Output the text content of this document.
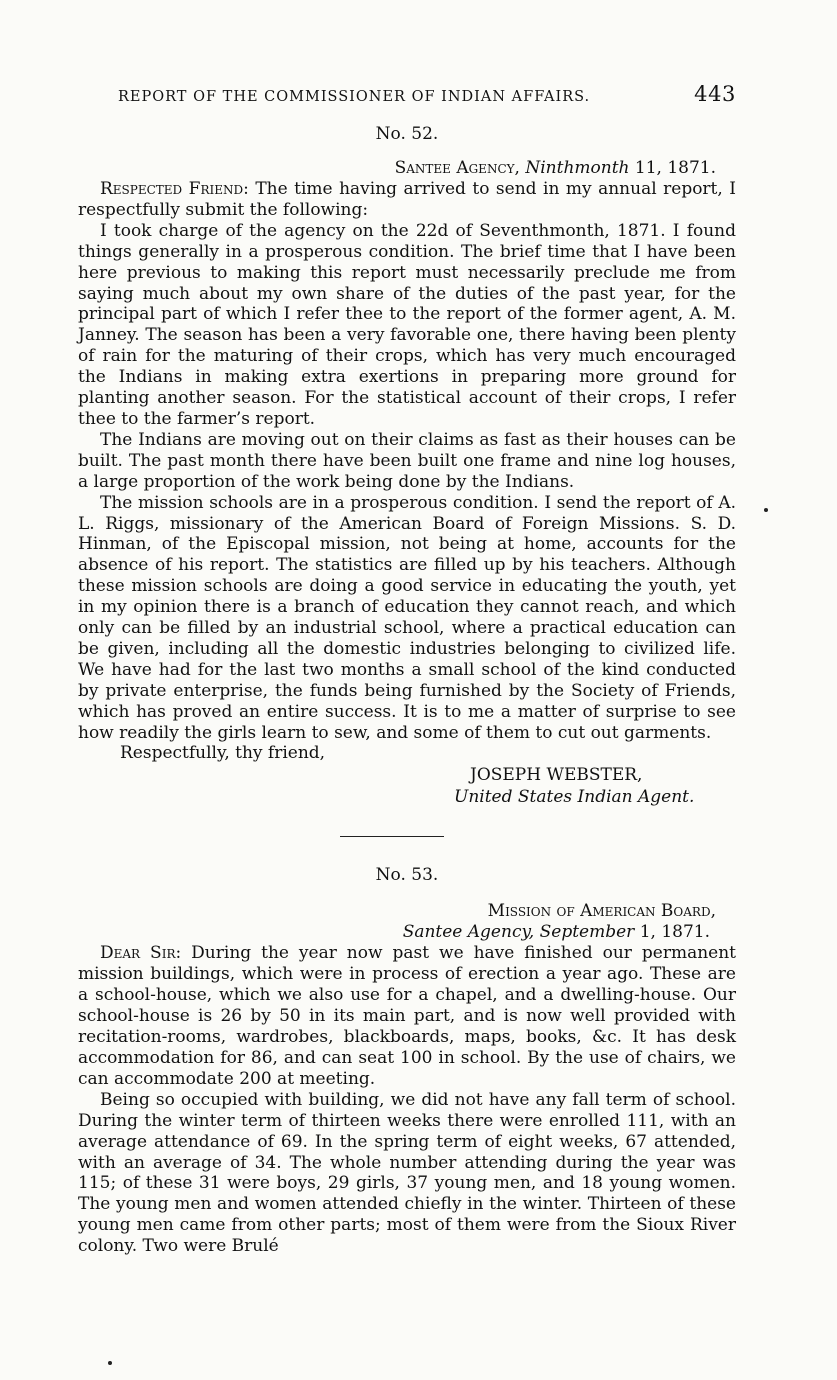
REPORT OF THE COMMISSIONER OF INDIAN AFFAIRS.	443
No. 52.
Santee Agency, Ninthmonth 11, 1871.

Respected Friend: The time having arrived to send in my annual report, I respectfully submit the following:

I took charge of the agency on the 22d of Seventhmonth, 1871. I found things generally in a prosperous condition. The brief time that I have been here previous to making this report must necessarily preclude me from saying much about my own share of the duties of the past year, for the principal part of which I refer thee to the report of the former agent, A. M. Janney. The season has been a very favorable one, there having been plenty of rain for the maturing of their crops, which has very much encouraged the Indians in making extra exertions in preparing more ground for planting another season. For the statistical account of their crops, I refer thee to the farmer’s report.

The Indians are moving out on their claims as fast as their houses can be built. The past month there have been built one frame and nine log houses, a large proportion of the work being done by the Indians.

The mission schools are in a prosperous condition. I send the report of A. L. Riggs, missionary of the American Board of Foreign Missions. S. D. Hinman, of the Episcopal mission, not being at home, accounts for the absence of his report. The statistics are filled up by his teachers. Although these mission schools are doing a good service in educating the youth, yet in my opinion there is a branch of education they cannot reach, and which only can be filled by an industrial school, where a practical education can be given, including all the domestic industries belonging to civilized life. We have had for the last two months a small school of the kind conducted by private enterprise, the funds being furnished by the Society of Friends, which has proved an entire success. It is to me a matter of surprise to see how readily the girls learn to sew, and some of them to cut out garments.

Respectfully, thy friend,
JOSEPH WEBSTER,
United States Indian Agent.
No. 53.
Mission of American Board,
Santee Agency, September 1, 1871.

Dear Sir: During the year now past we have finished our permanent mission buildings, which were in process of erection a year ago. These are a school-house, which we also use for a chapel, and a dwelling-house. Our school-house is 26 by 50 in its main part, and is now well provided with recitation-rooms, wardrobes, blackboards, maps, books, &c. It has desk accommodation for 86, and can seat 100 in school. By the use of chairs, we can accommodate 200 at meeting.

Being so occupied with building, we did not have any fall term of school. During the winter term of thirteen weeks there were enrolled 111, with an average attendance of 69. In the spring term of eight weeks, 67 attended, with an average of 34. The whole number attending during the year was 115; of these 31 were boys, 29 girls, 37 young men, and 18 young women. The young men and women attended chiefly in the winter. Thirteen of these young men came from other parts; most of them were from the Sioux River colony. Two were Brulé
